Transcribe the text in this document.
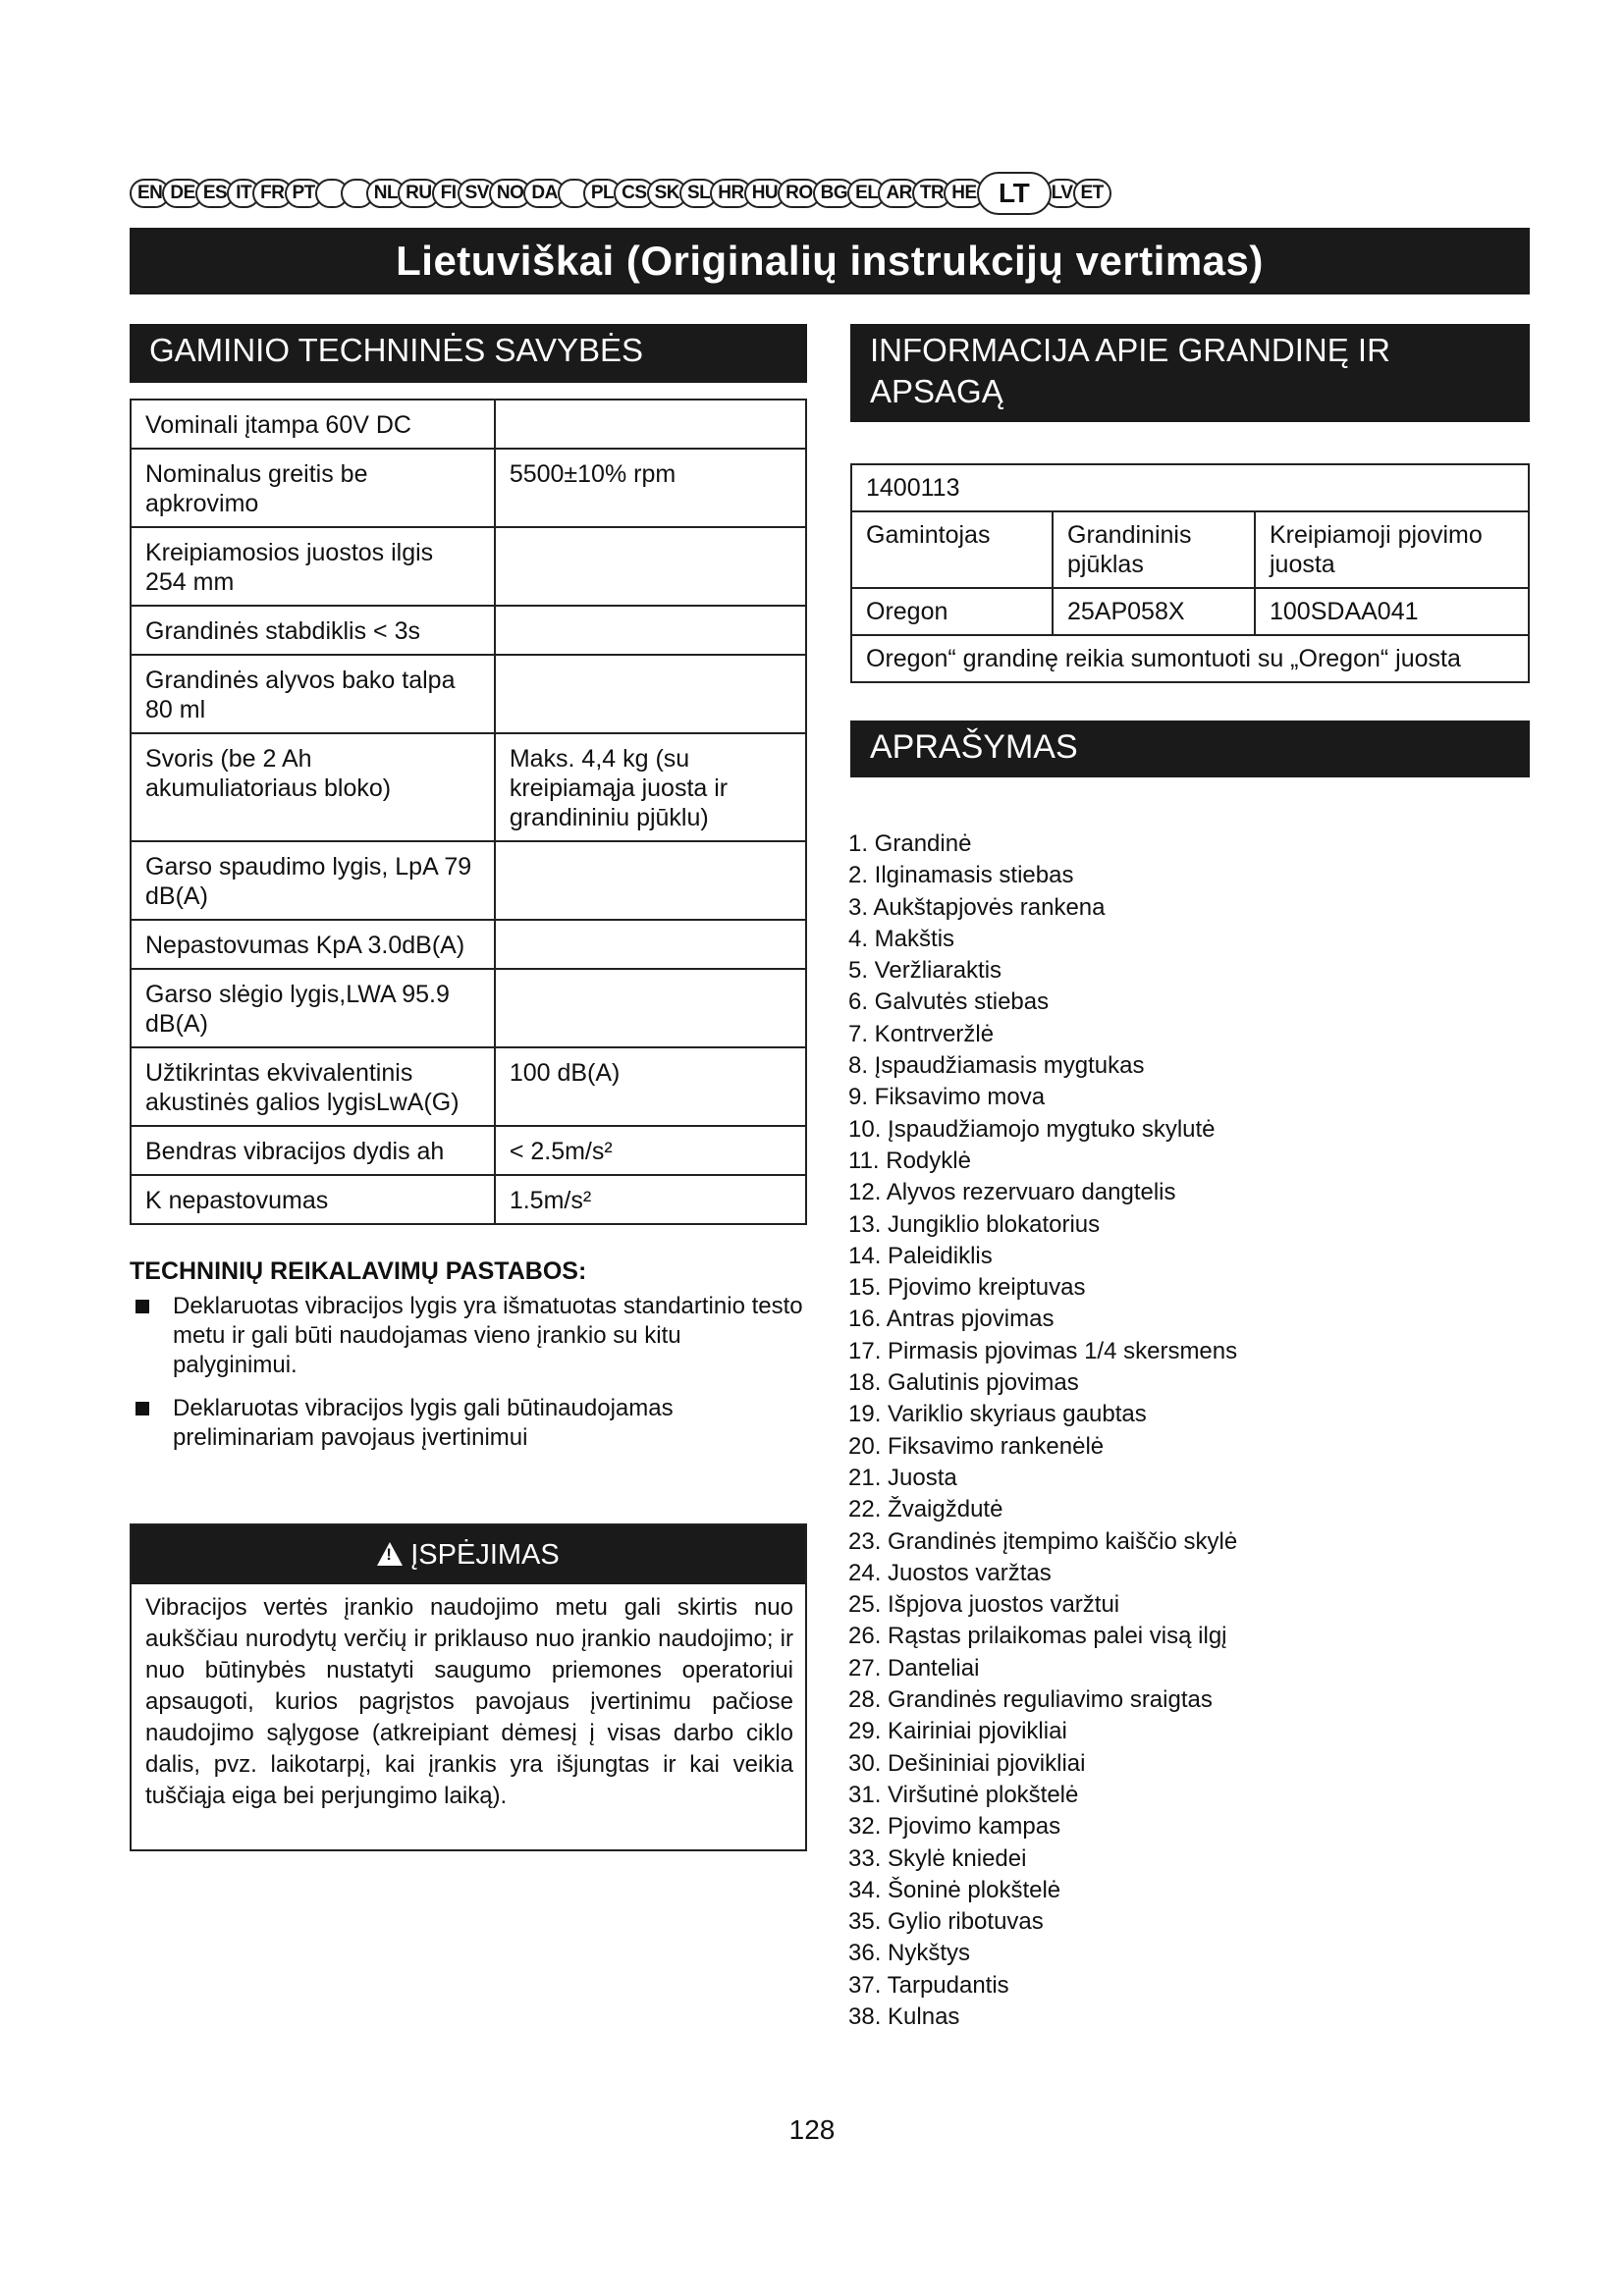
EN DE ES IT FR PT	NL RU FI SV NO DA	PL CS SK SL HR HU RO BG EL AR TR HE LT	LV ET
Lietuviškai (Originalių instrukcijų vertimas)
GAMINIO TECHNINĖS SAVYBĖS
Vominali įtampa 60V DC	
Nominalus greitis be apkrovimo	5500±10% rpm
Kreipiamosios juostos ilgis 254 mm	
Grandinės stabdiklis < 3s	
Grandinės alyvos bako talpa 80 ml	
Svoris (be 2 Ah akumuliatoriaus bloko)	Maks. 4,4 kg (su kreipiamąja juosta ir grandininiu pjūklu)
Garso spaudimo lygis, LpA 79 dB(A)	
Nepastovumas KpA 3.0dB(A)	
Garso slėgio lygis,LWA 95.9 dB(A)	
Užtikrintas ekvivalentinis akustinės galios lygisLwA(G)	100 dB(A)
Bendras vibracijos dydis ah	< 2.5m/s²
K nepastovumas	1.5m/s²
TECHNINIŲ REIKALAVIMŲ PASTABOS:
Deklaruotas vibracijos lygis yra išmatuotas standartinio testo metu ir gali būti naudojamas vieno įrankio su kitu palyginimui.
Deklaruotas vibracijos lygis gali būtinaudojamas preliminariam pavojaus įvertinimui
!ĮSPĖJIMAS
Vibracijos vertės įrankio naudojimo metu gali skirtis nuo aukščiau nurodytų verčių ir priklauso nuo įrankio naudojimo; ir nuo būtinybės nustatyti saugumo priemones operatoriui apsaugoti, kurios pagrįstos pavojaus įvertinimu pačiose naudojimo sąlygose (atkreipiant dėmesį į visas darbo ciklo dalis, pvz. laikotarpį, kai įrankis yra išjungtas ir kai veikia tuščiąja eiga bei perjungimo laiką).
INFORMACIJA APIE GRANDINĘ IR APSAGĄ
1400113		
Gamintojas	Grandininis pjūklas	Kreipiamoji pjovimo juosta
Oregon	25AP058X	100SDAA041
Oregon“ grandinę reikia sumontuoti su „Oregon“ juosta		
APRAŠYMAS
1. Grandinė
2. Ilginamasis stiebas
3. Aukštapjovės rankena
4. Makštis
5. Veržliaraktis
6. Galvutės stiebas
7. Kontrveržlė
8. Įspaudžiamasis mygtukas
9. Fiksavimo mova
10. Įspaudžiamojo mygtuko skylutė
11. Rodyklė
12. Alyvos rezervuaro dangtelis
13. Jungiklio blokatorius
14. Paleidiklis
15. Pjovimo kreiptuvas
16. Antras pjovimas
17. Pirmasis pjovimas 1/4 skersmens
18. Galutinis pjovimas
19. Variklio skyriaus gaubtas
20. Fiksavimo rankenėlė
21. Juosta
22. Žvaigždutė
23. Grandinės įtempimo kaiščio skylė
24. Juostos varžtas
25. Išpjova juostos varžtui
26. Rąstas prilaikomas palei visą ilgį
27. Danteliai
28. Grandinės reguliavimo sraigtas
29. Kairiniai pjovikliai
30. Dešininiai pjovikliai
31. Viršutinė plokštelė
32. Pjovimo kampas
33. Skylė kniedei
34. Šoninė plokštelė
35. Gylio ribotuvas
36. Nykštys
37. Tarpudantis
38. Kulnas
128
